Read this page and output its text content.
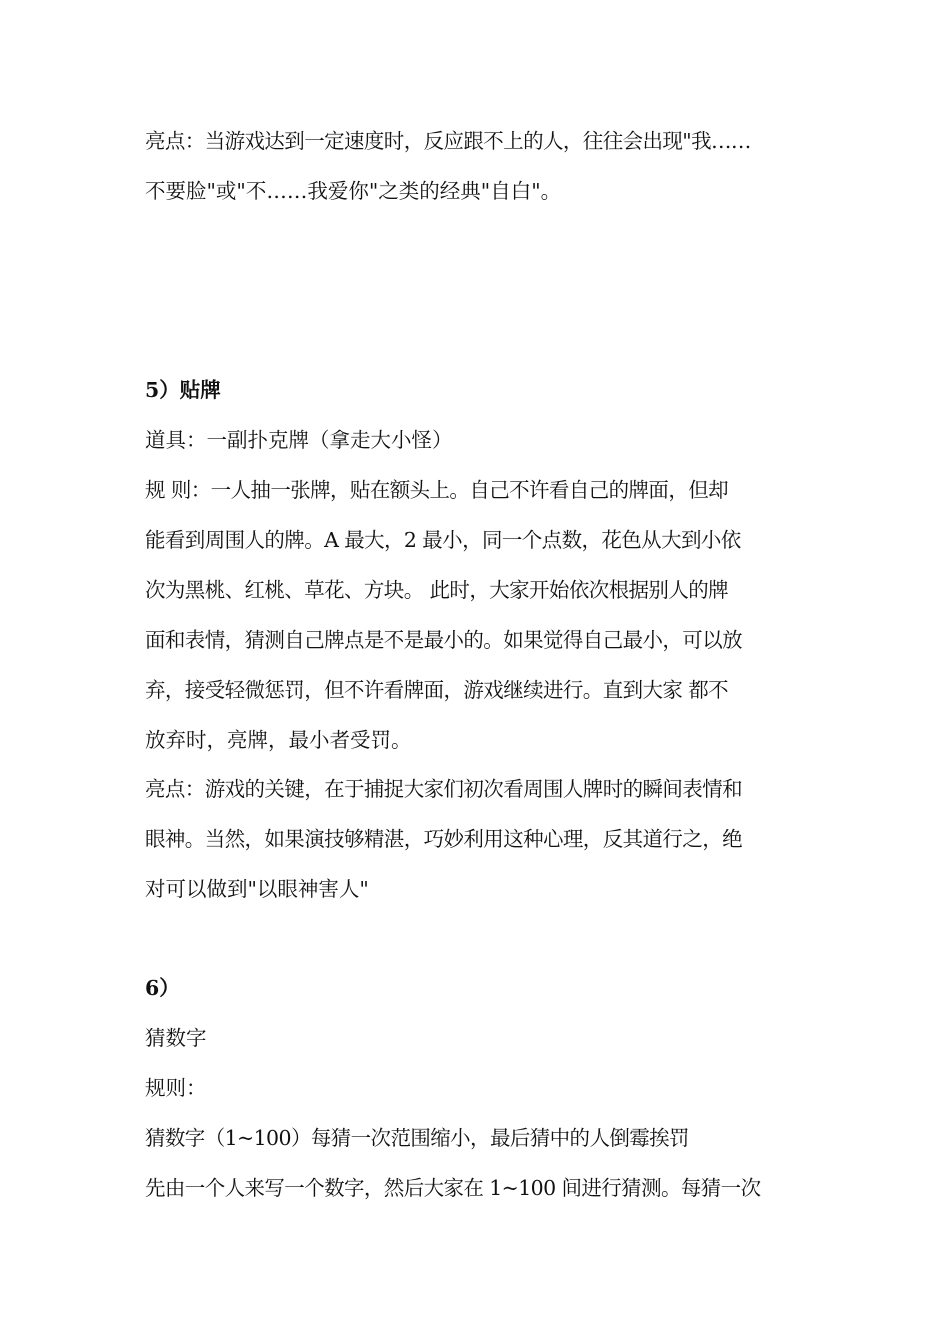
亮点：当游戏达到一定速度时，反应跟不上的人，往往会出现"我……
不要脸"或"不……我爱你"之类的经典"自白"。
5）贴牌
道具：一副扑克牌（拿走大小怪）
规 则：一人抽一张牌，贴在额头上。自己不许看自己的牌面，但却
能看到周围人的牌。A 最大，2 最小，同一个点数，花色从大到小依
次为黑桃、红桃、草花、方块。 此时，大家开始依次根据别人的牌
面和表情，猜测自己牌点是不是最小的。如果觉得自己最小，可以放
弃，接受轻微惩罚，但不许看牌面，游戏继续进行。直到大家 都不
放弃时，亮牌，最小者受罚。
亮点：游戏的关键，在于捕捉大家们初次看周围人牌时的瞬间表情和
眼神。当然，如果演技够精湛，巧妙利用这种心理，反其道行之，绝
对可以做到"以眼神害人"
6）
猜数字
规则：
猜数字（1~100）每猜一次范围缩小，最后猜中的人倒霉挨罚
先由一个人来写一个数字，然后大家在 1~100 间进行猜测。每猜一次
